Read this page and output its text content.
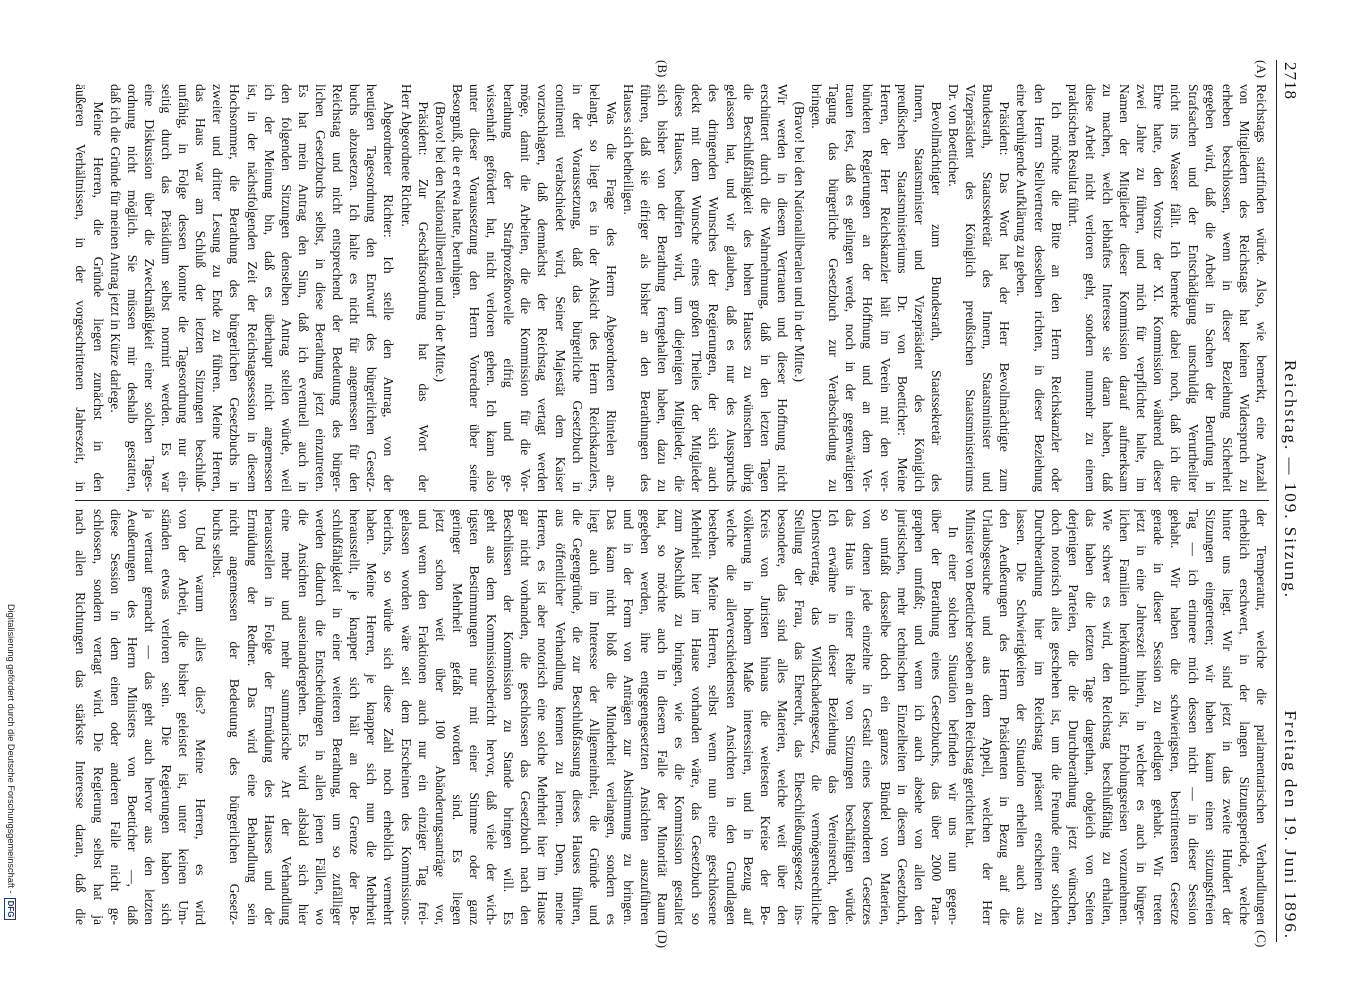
2718
Reichstag. — 109. Sitzung.
Freitag den 19. Juni 1896.
(A)
(B)
(C)
(D)
Reichstags stattfinden würde. Also, wie bemerkt, eine Anzahl
von Mitgliedern des Reichstags hat keinen Widerspruch zu
erheben beschlossen, wenn in dieser Beziehung Sicherheit
gegeben wird, daß die Arbeit in Sachen der Berufung in
Strafsachen und der Entschädigung unschuldig Verurtheilter
nicht ins Wasser fällt. Ich bemerke dabei noch, daß ich die
Ehre hatte, den Vorsitz der XI. Kommission während dieser
zwei Jahre zu führen, und mich für verpflichtet halte, im
Namen der Mitglieder dieser Kommission darauf aufmerksam
zu machen, welch lebhaftes Interesse sie daran haben, daß
diese Arbeit nicht verloren geht, sondern nunmehr zu einem
praktischen Resultat führt.
Ich möchte die Bitte an den Herrn Reichskanzler oder
den Herrn Stellvertreter desselben richten, in dieser Beziehung
eine beruhigende Aufklärung zu geben.
Präsident: Das Wort hat der Herr Bevollmächtigte zum
Bundesrath, Staatssekretär des Innern, Staatsminister und
Vizepräsident des Königlich preußischen Staatsministeriums
Dr. von Boetticher.
Bevollmächtigter zum Bundesrath, Staatssekretär des
Innern, Staatsminister und Vizepräsident des Königlich
preußischen Staatsministeriums Dr. von Boetticher: Meine
Herren, der Herr Reichskanzler hält im Verein mit den ver-
bündeten Regierungen an der Hoffnung und an dem Ver-
trauen fest, daß es gelingen werde, noch in der gegenwärtigen
Tagung das bürgerliche Gesetzbuch zur Verabschiedung zu
bringen.
(Bravo! bei den Nationalliberalen und in der Mitte.)
Wir werden in diesem Vertrauen und dieser Hoffnung nicht
erschüttert durch die Wahrnehmung, daß in den letzten Tagen
die Beschlußfähigkeit des hohen Hauses zu wünschen übrig
gelassen hat, und wir glauben, daß es nur des Ausspruchs
des dringenden Wunsches der Regierungen, der sich auch
deckt mit dem Wunsche eines großen Theiles der Mitglieder
dieses Hauses, bedürfen wird, um diejenigen Mitglieder, die
sich bisher von der Berathung ferngehalten haben, dazu zu
führen, daß sie eifriger als bisher an den Berathungen des
Hauses sich betheiligen.
Was die Frage des Herrn Abgeordneten Rintelen an-
belangt, so liegt es in der Absicht des Herrn Reichskanzlers,
in der Voraussetzung, daß das bürgerliche Gesetzbuch in
continenti verabschiedet wird, Seiner Majestät dem Kaiser
vorzuschlagen, daß demnächst der Reichstag vertagt werden
möge, damit die Arbeiten, die die Kommission für die Vor-
berathung der Strafprozeßnovelle eifrig und ge-
wissenhaft gefördert hat, nicht verloren gehen. Ich kann also
unter dieser Voraussetzung den Herrn Vorredner über seine
Besorgniß, die er etwa hatte, beruhigen.
(Bravo! bei den Nationalliberalen und in der Mitte.)
Präsident: Zur Geschäftsordnung hat das Wort der
Herr Abgeordnete Richter.
Abgeordneter Richter: Ich stelle den Antrag, von der
heutigen Tagesordnung den Entwurf des bürgerlichen Gesetz-
buchs abzusetzen. Ich halte es nicht für angemessen für den
Reichstag und nicht entsprechend der Bedeutung des bürger-
lichen Gesetzbuchs selbst, in diese Berathung jetzt einzutreten.
Es hat mein Antrag den Sinn, daß ich eventuell auch in
den folgenden Sitzungen denselben Antrag stellen würde, weil
ich der Meinung bin, daß es überhaupt nicht angemessen
ist, in der nächstfolgenden Zeit der Reichstagssession in diesem
Hochsommer, die Berathung des bürgerlichen Gesetzbuchs in
zweiter und dritter Lesung zu Ende zu führen. Meine Herren,
das Haus war am Schluß der letzten Sitzungen beschluß-
unfähig, in Folge dessen konnte die Tagesordnung nur ein-
seitig durch das Präsidium selbst normirt werden. Es war
eine Diskussion über die Zweckmäßigkeit einer solchen Tages-
ordnung nicht möglich. Sie müssen mir deshalb gestatten,
daß ich die Gründe für meinen Antrag jetzt in Kürze darlege.
Meine Herren, die Gründe liegen zunächst in den
äußeren Verhältnissen, in der vorgeschrittenen Jahreszeit, in
der Temperatur, welche die parlamentarischen Verhandlungen
erheblich erschwert, in der langen Sitzungsperiode, welche
hinter uns liegt. Wir sind jetzt in das zweite Hundert der
Sitzungen eingetreten; wir haben kaum einen sitzungsfreien
Tag — ich erinnere mich dessen nicht — in dieser Session
gehabt. Wir haben die schwierigsten, bestrittensten Gesetze
gerade in dieser Session zu erledigen gehabt. Wir treten
jetzt in eine Jahreszeit hinein, in welcher es auch in bürger-
lichen Familien herkömmlich ist, Erholungsreisen vorzunehmen.
Wie schwer es wird, den Reichstag beschlußfähig zu erhalten,
das haben die letzten Tage dargethan, obgleich von Seiten
derjenigen Parteien, die die Durchberathung jetzt wünschen,
doch notorisch alles geschehen ist, um die Freunde einer solchen
Durchberathung hier im Reichstag präsent erscheinen zu
lassen. Die Schwierigkeiten der Situation erhellen auch aus
den Aeußerungen des Herrn Präsidenten in Bezug auf die
Urlaubsgesuche und aus dem Appell, welchen der Herr
Minister von Boetticher soeben an den Reichstag gerichtet hat.
In einer solchen Situation befinden wir uns nun gegen-
über der Berathung eines Gesetzbuchs, das über 2000 Para-
graphen umfaßt; und wenn ich auch absehe von allen den
juristischen, mehr technischen Einzelheiten in diesem Gesetzbuch,
so umfaßt dasselbe doch ein ganzes Bündel von Materien,
von denen jede einzelne in Gestalt eines besonderen Gesetzes
das Haus in einer Reihe von Sitzungen beschäftigen würde.
Ich erwähne in dieser Beziehung das Vereinsrecht, den
Dienstvertrag, das Wildschadengesetz, die vermögensrechtliche
Stellung der Frau, das Eherecht, das Eheschließungsgesetz ins-
besondere, das sind alles Materien, welche weit über den
Kreis von Juristen hinaus die weitesten Kreise der Be-
völkerung in hohem Maße interessiren, und in Bezug auf
welche die allerverschiedensten Ansichten in den Grundlagen
bestehen. Meine Herren, selbst wenn nun eine geschlossene
Mehrheit hier im Hause vorhanden wäre, das Gesetzbuch so
zum Abschluß zu bringen, wie es die Kommission gestaltet
hat, so möchte auch in diesem Falle der Minorität Raum
gegeben werden, ihre entgegengesetzten Ansichten auszuführen
und in der Form von Anträgen zur Abstimmung zu bringen.
Das kann nicht bloß die Minderheit verlangen, sondern es
liegt auch im Interesse der Allgemeinheit, die Gründe und
die Gegengründe, die zur Beschlußfassung dieses Hauses führen,
aus öffentlicher Verhandlung kennen zu lernen. Denn, meine
Herren, es ist aber notorisch eine solche Mehrheit hier im Hause
gar nicht vorhanden, die geschlossen das Gesetzbuch nach den
Beschlüssen der Kommission zu Stande bringen will. Es
geht aus dem Kommissionsbericht hervor, daß viele der wich-
tigsten Bestimmungen nur mit einer Stimme oder ganz
geringer Mehrheit gefaßt worden sind. Es liegen
jetzt schon weit über 100 Abänderungsanträge vor,
und wenn den Fraktionen auch nur ein einziger Tag frei-
gelassen worden wäre seit dem Erscheinen des Kommissions-
berichts, so würde sich diese Zahl noch erheblich vermehrt
haben. Meine Herren, je knapper sich nun die Mehrheit
herausstellt, je knapper sich hält an der Grenze der Be-
schlußfähigkeit in einer weiteren Berathung, um so zufälliger
werden dadurch die Entscheidungen in allen jenen Fällen, wo
die Ansichten auseinandergehen. Es wird alsbald sich hier
eine mehr und mehr summarische Art der Verhandlung
herausstellen in Folge der Ermüdung des Hauses und der
Ermüdung der Redner. Das wird eine Behandlung sein
nicht angemessen der Bedeutung des bürgerlichen Gesetz-
buchs selbst.
Und warum alles dies? Meine Herren, es wird
von der Arbeit, die bisher geleistet ist, unter keinen Um-
ständen etwas verloren sein. Die Regierungen haben sich
ja vertraut gemacht — das geht auch hervor aus den letzten
Aeußerungen des Herrn Ministers von Boetticher —, daß
diese Session in dem einen oder anderen Falle nicht ge-
schlossen, sondern vertagt wird. Die Regierung selbst hat ja
nach allen Richtungen das stärkste Interesse daran, daß die
Digitalisierung gefördert durch die Deutsche Forschungsgemeinschaft -DFG
